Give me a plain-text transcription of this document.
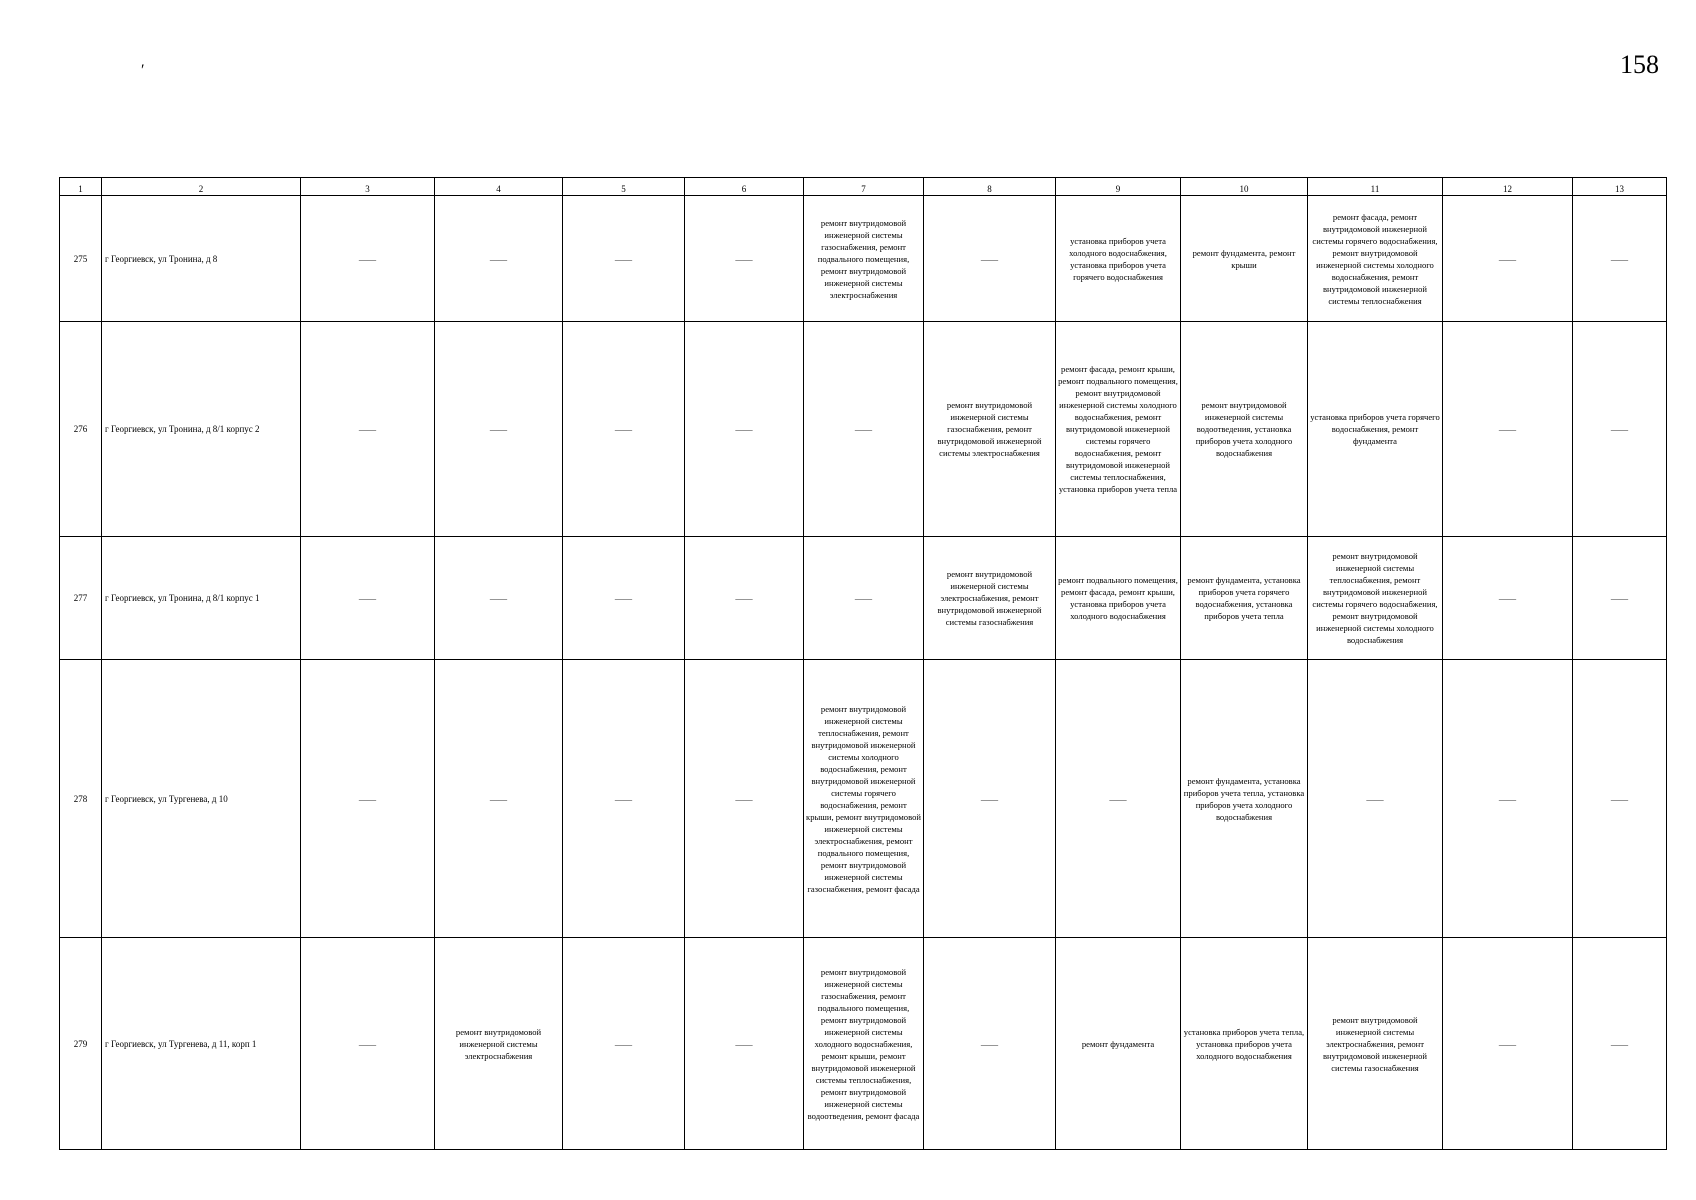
′	158
1	2	3	4	5	6	7	8	9	10	11	12	13
275	г Георгиевск, ул Тронина, д 8	——	——	——	——	ремонт внутридомовой инженерной системы газоснабжения, ремонт подвального помещения, ремонт внутридомовой инженерной системы электроснабжения	——	установка приборов учета холодного водоснабжения, установка приборов учета горячего водоснабжения	ремонт фундамента, ремонт крыши	ремонт фасада, ремонт внутридомовой инженерной системы горячего водоснабжения, ремонт внутридомовой инженерной системы холодного водоснабжения, ремонт внутридомовой инженерной системы теплоснабжения	——	——
276	г Георгиевск, ул Тронина, д 8/1 корпус 2	——	——	——	——	——	ремонт внутридомовой инженерной системы газоснабжения, ремонт внутридомовой инженерной системы электроснабжения	ремонт фасада, ремонт крыши, ремонт подвального помещения, ремонт внутридомовой инженерной системы холодного водоснабжения, ремонт внутридомовой инженерной системы горячего водоснабжения, ремонт внутридомовой инженерной системы теплоснабжения, установка приборов учета тепла	ремонт внутридомовой инженерной системы водоотведения, установка приборов учета холодного водоснабжения	установка приборов учета горячего водоснабжения, ремонт фундамента	——	——
277	г Георгиевск, ул Тронина, д 8/1 корпус 1	——	——	——	——	——	ремонт внутридомовой инженерной системы электроснабжения, ремонт внутридомовой инженерной системы газоснабжения	ремонт подвального помещения, ремонт фасада, ремонт крыши, установка приборов учета холодного водоснабжения	ремонт фундамента, установка приборов учета горячего водоснабжения, установка приборов учета тепла	ремонт внутридомовой инженерной системы теплоснабжения, ремонт внутридомовой инженерной системы горячего водоснабжения, ремонт внутридомовой инженерной системы холодного водоснабжения	——	——
278	г Георгиевск, ул Тургенева, д 10	——	——	——	——	ремонт внутридомовой инженерной системы теплоснабжения, ремонт внутридомовой инженерной системы холодного водоснабжения, ремонт внутридомовой инженерной системы горячего водоснабжения, ремонт крыши, ремонт внутридомовой инженерной системы электроснабжения, ремонт подвального помещения, ремонт внутридомовой инженерной системы газоснабжения, ремонт фасада	——	——	ремонт фундамента, установка приборов учета тепла, установка приборов учета холодного водоснабжения	——	——	——
279	г Георгиевск, ул Тургенева, д 11, корп 1	——	ремонт внутридомовой инженерной системы электроснабжения	——	——	ремонт внутридомовой инженерной системы газоснабжения, ремонт подвального помещения, ремонт внутридомовой инженерной системы холодного водоснабжения, ремонт крыши, ремонт внутридомовой инженерной системы теплоснабжения, ремонт внутридомовой инженерной системы водоотведения, ремонт фасада	——	ремонт фундамента	установка приборов учета тепла, установка приборов учета холодного водоснабжения	ремонт внутридомовой инженерной системы электроснабжения, ремонт внутридомовой инженерной системы газоснабжения	——	——
